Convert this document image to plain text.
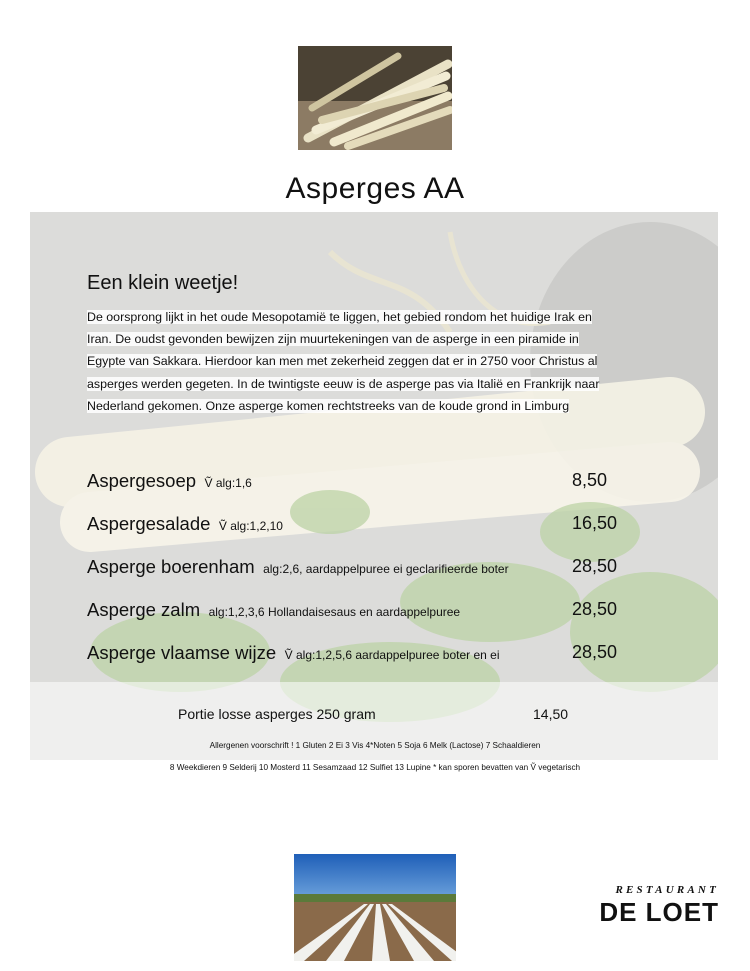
Asperges AA
Een klein weetje!
De oorsprong lijkt in het oude Mesopotamië te liggen, het gebied rondom het huidige Irak en
Iran. De oudst gevonden bewijzen zijn muurtekeningen van de asperge in een piramide in
Egypte van Sakkara. Hierdoor kan men met zekerheid zeggen dat er in 2750 voor Christus al
asperges werden gegeten. In de twintigste eeuw is de asperge pas via Italië en Frankrijk naar
Nederland gekomen. Onze asperge komen rechtstreeks van de koude grond in Limburg
Aspergesoep Ṽ alg:1,6	8,50
Aspergesalade Ṽ alg:1,2,10	16,50
Asperge boerenham alg:2,6, aardappelpuree ei geclarifieerde boter	28,50
Asperge zalm alg:1,2,3,6 Hollandaisesaus en aardappelpuree	28,50
Asperge vlaamse wijze Ṽ alg:1,2,5,6 aardappelpuree boter en ei	28,50
Portie losse asperges 250 gram	14,50
Allergenen voorschrift ! 1 Gluten 2 Ei 3 Vis 4*Noten 5 Soja 6 Melk (Lactose) 7 Schaaldieren
8 Weekdieren 9 Selderij 10 Mosterd 11 Sesamzaad 12 Sulfiet 13 Lupine * kan sporen bevatten van Ṽ vegetarisch
RESTAURANT
DE LOET
